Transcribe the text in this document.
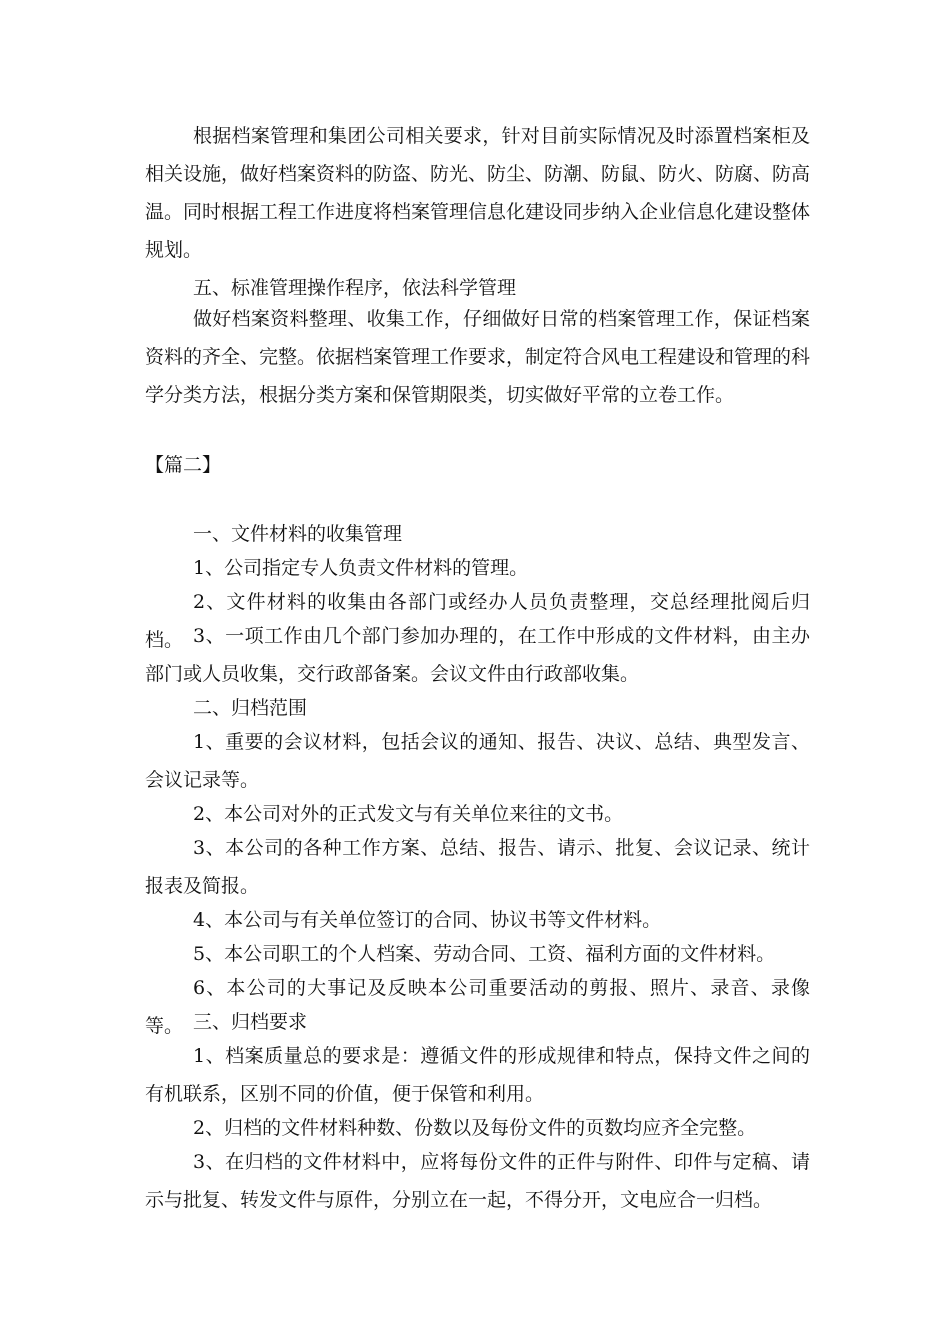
根据档案管理和集团公司相关要求，针对目前实际情况及时添置档案柜及相关设施，做好档案资料的防盗、防光、防尘、防潮、防鼠、防火、防腐、防高温。同时根据工程工作进度将档案管理信息化建设同步纳入企业信息化建设整体规划。

五、标准管理操作程序，依法科学管理

做好档案资料整理、收集工作，仔细做好日常的档案管理工作，保证档案资料的齐全、完整。依据档案管理工作要求，制定符合风电工程建设和管理的科学分类方法，根据分类方案和保管期限类，切实做好平常的立卷工作。

【篇二】

一、文件材料的收集管理

1、公司指定专人负责文件材料的管理。

2、文件材料的收集由各部门或经办人员负责整理，交总经理批阅后归档。 3、一项工作由几个部门参加办理的，在工作中形成的文件材料，由主办部门或人员收集，交行政部备案。会议文件由行政部收集。

二、归档范围

1、重要的会议材料，包括会议的通知、报告、决议、总结、典型发言、会议记录等。

2、本公司对外的正式发文与有关单位来往的文书。

3、本公司的各种工作方案、总结、报告、请示、批复、会议记录、统计报表及简报。

4、本公司与有关单位签订的合同、协议书等文件材料。

5、本公司职工的个人档案、劳动合同、工资、福利方面的文件材料。

6、本公司的大事记及反映本公司重要活动的剪报、照片、录音、录像等。 三、归档要求

1、档案质量总的要求是：遵循文件的形成规律和特点，保持文件之间的有机联系，区别不同的价值，便于保管和利用。

2、归档的文件材料种数、份数以及每份文件的页数均应齐全完整。

3、在归档的文件材料中，应将每份文件的正件与附件、印件与定稿、请示与批复、转发文件与原件，分别立在一起，不得分开，文电应合一归档。
